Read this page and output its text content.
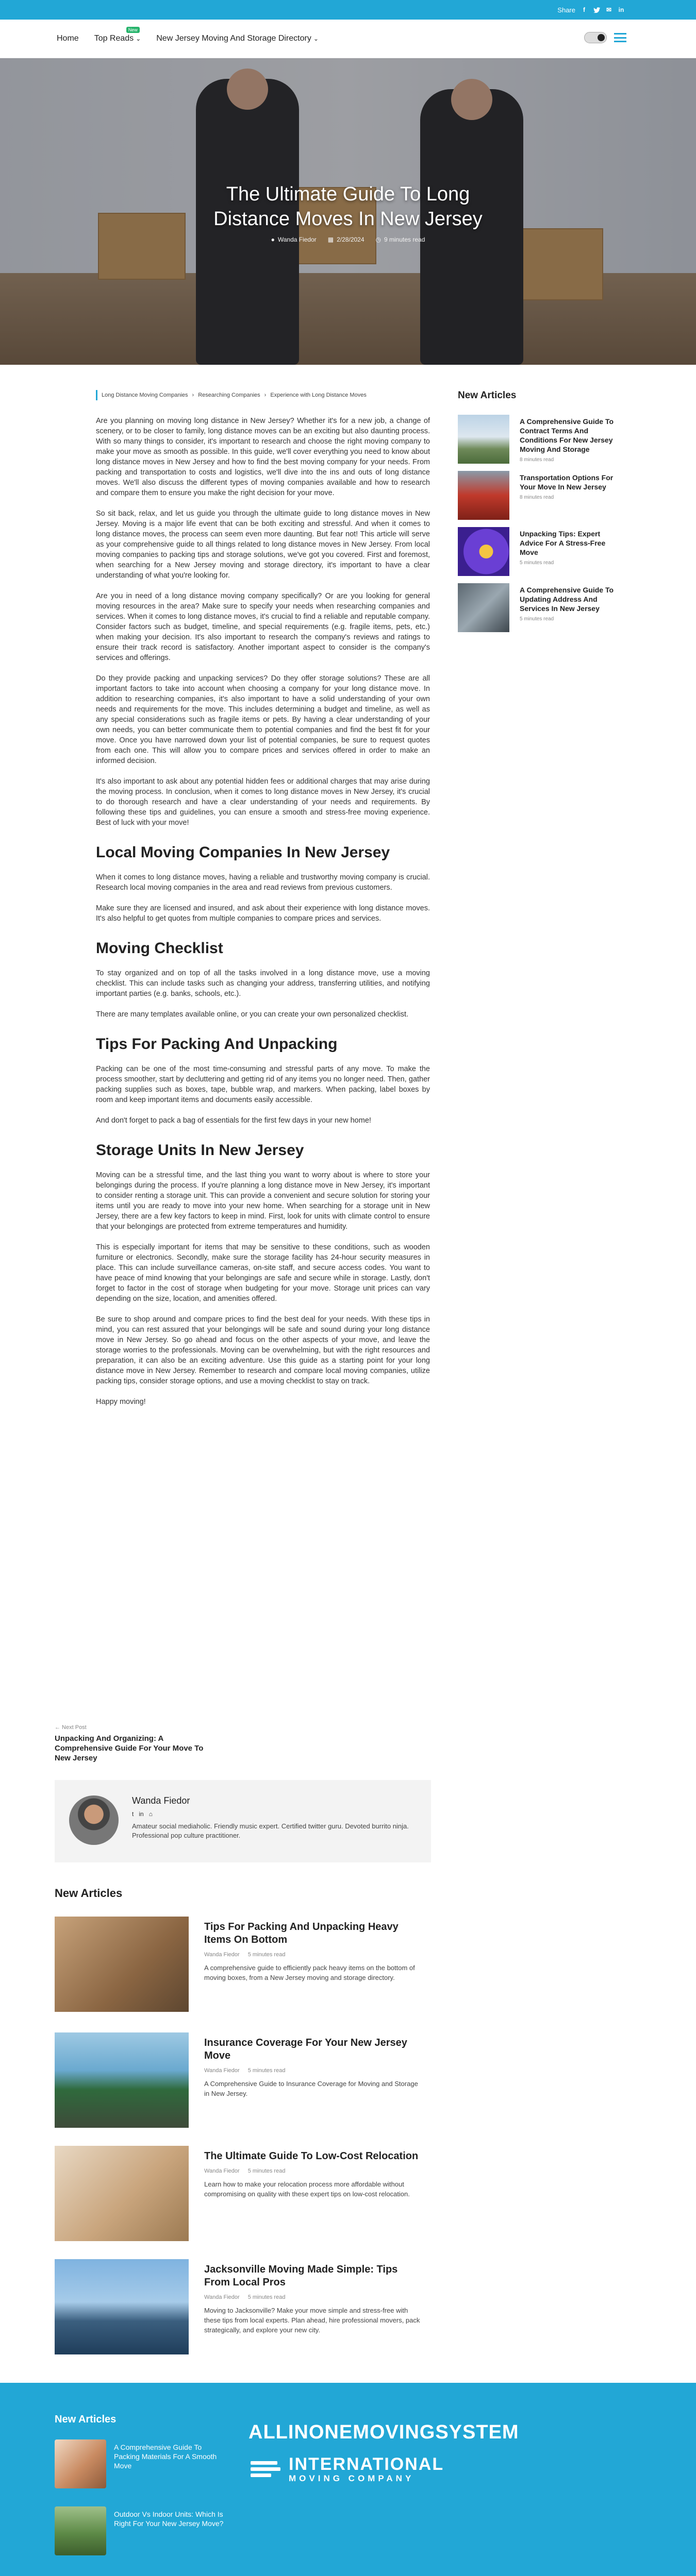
Share	f	✉ in
Home Top Reads ⌄
New
New Jersey Moving And Storage Directory ⌄
The Ultimate Guide To Long
Distance Moves In New Jersey
● Wanda Fiedor ▦ 2/28/2024 ◷ 9 minutes read
Long Distance Moving Companies › Researching Companies › Experience with Long Distance Moves

Are you planning on moving long distance in New Jersey? Whether it's for a new job, a change of scenery, or to be closer to family, long distance moves can be an exciting but also daunting process. With so many things to consider, it's important to research and choose the right moving company to make your move as smooth as possible. In this guide, we'll cover everything you need to know about long distance moves in New Jersey and how to find the best moving company for your needs. From packing and transportation to costs and logistics, we'll dive into the ins and outs of long distance moves. We'll also discuss the different types of moving companies available and how to research and compare them to ensure you make the right decision for your move.

So sit back, relax, and let us guide you through the ultimate guide to long distance moves in New Jersey. Moving is a major life event that can be both exciting and stressful. And when it comes to long distance moves, the process can seem even more daunting. But fear not! This article will serve as your comprehensive guide to all things related to long distance moves in New Jersey. From local moving companies to packing tips and storage solutions, we've got you covered. First and foremost, when searching for a New Jersey moving and storage directory, it's important to have a clear understanding of what you're looking for.

Are you in need of a long distance moving company specifically? Or are you looking for general moving resources in the area? Make sure to specify your needs when researching companies and services. When it comes to long distance moves, it's crucial to find a reliable and reputable company. Consider factors such as budget, timeline, and special requirements (e.g. fragile items, pets, etc.) when making your decision. It's also important to research the company's reviews and ratings to ensure their track record is satisfactory. Another important aspect to consider is the company's services and offerings.

Do they provide packing and unpacking services? Do they offer storage solutions? These are all important factors to take into account when choosing a company for your long distance move. In addition to researching companies, it's also important to have a solid understanding of your own needs and requirements for the move. This includes determining a budget and timeline, as well as any special considerations such as fragile items or pets. By having a clear understanding of your own needs, you can better communicate them to potential companies and find the best fit for your move. Once you have narrowed down your list of potential companies, be sure to request quotes from each one. This will allow you to compare prices and services offered in order to make an informed decision.

It's also important to ask about any potential hidden fees or additional charges that may arise during the moving process. In conclusion, when it comes to long distance moves in New Jersey, it's crucial to do thorough research and have a clear understanding of your needs and requirements. By following these tips and guidelines, you can ensure a smooth and stress-free moving experience. Best of luck with your move!

Local Moving Companies In New Jersey

When it comes to long distance moves, having a reliable and trustworthy moving company is crucial. Research local moving companies in the area and read reviews from previous customers.

Make sure they are licensed and insured, and ask about their experience with long distance moves. It's also helpful to get quotes from multiple companies to compare prices and services.

Moving Checklist

To stay organized and on top of all the tasks involved in a long distance move, use a moving checklist. This can include tasks such as changing your address, transferring utilities, and notifying important parties (e.g. banks, schools, etc.).

There are many templates available online, or you can create your own personalized checklist.

Tips For Packing And Unpacking

Packing can be one of the most time-consuming and stressful parts of any move. To make the process smoother, start by decluttering and getting rid of any items you no longer need. Then, gather packing supplies such as boxes, tape, bubble wrap, and markers. When packing, label boxes by room and keep important items and documents easily accessible.

And don't forget to pack a bag of essentials for the first few days in your new home!

Storage Units In New Jersey

Moving can be a stressful time, and the last thing you want to worry about is where to store your belongings during the process. If you're planning a long distance move in New Jersey, it's important to consider renting a storage unit. This can provide a convenient and secure solution for storing your items until you are ready to move into your new home. When searching for a storage unit in New Jersey, there are a few key factors to keep in mind. First, look for units with climate control to ensure that your belongings are protected from extreme temperatures and humidity.

This is especially important for items that may be sensitive to these conditions, such as wooden furniture or electronics. Secondly, make sure the storage facility has 24-hour security measures in place. This can include surveillance cameras, on-site staff, and secure access codes. You want to have peace of mind knowing that your belongings are safe and secure while in storage. Lastly, don't forget to factor in the cost of storage when budgeting for your move. Storage unit prices can vary depending on the size, location, and amenities offered.

Be sure to shop around and compare prices to find the best deal for your needs. With these tips in mind, you can rest assured that your belongings will be safe and sound during your long distance move in New Jersey. So go ahead and focus on the other aspects of your move, and leave the storage worries to the professionals. Moving can be overwhelming, but with the right resources and preparation, it can also be an exciting adventure. Use this guide as a starting point for your long distance move in New Jersey. Remember to research and compare local moving companies, utilize packing tips, consider storage options, and use a moving checklist to stay on track.

Happy moving!

← Next Post
Unpacking And Organizing: A Comprehensive Guide For Your Move To New Jersey
Wanda Fiedor
t in ⌂
Amateur social mediaholic. Friendly music expert. Certified twitter guru. Devoted burrito ninja. Professional pop culture practitioner.
New Articles
Tips For Packing And Unpacking Heavy Items On Bottom
Wanda Fiedor 5 minutes read
A comprehensive guide to efficiently pack heavy items on the bottom of moving boxes, from a New Jersey moving and storage directory.
Insurance Coverage For Your New Jersey Move
Wanda Fiedor 5 minutes read
A Comprehensive Guide to Insurance Coverage for Moving and Storage in New Jersey.
The Ultimate Guide To Low-Cost Relocation
Wanda Fiedor 5 minutes read
Learn how to make your relocation process more affordable without compromising on quality with these expert tips on low-cost relocation.
Jacksonville Moving Made Simple: Tips From Local Pros
Wanda Fiedor 5 minutes read
Moving to Jacksonville? Make your move simple and stress-free with these tips from local experts. Plan ahead, hire professional movers, pack strategically, and explore your new city.
New Articles
A Comprehensive Guide To Contract Terms And Conditions For New Jersey Moving And Storage
8 minutes read
Transportation Options For Your Move In New Jersey
8 minutes read
Unpacking Tips: Expert Advice For A Stress-Free Move
5 minutes read
A Comprehensive Guide To Updating Address And Services In New Jersey
5 minutes read
New Articles
A Comprehensive Guide To Packing Materials For A Smooth Move
Outdoor Vs Indoor Units: Which Is Right For Your New Jersey Move?
ALLINONEMOVINGSYSTEM
INTERNATIONAL
MOVING COMPANY
